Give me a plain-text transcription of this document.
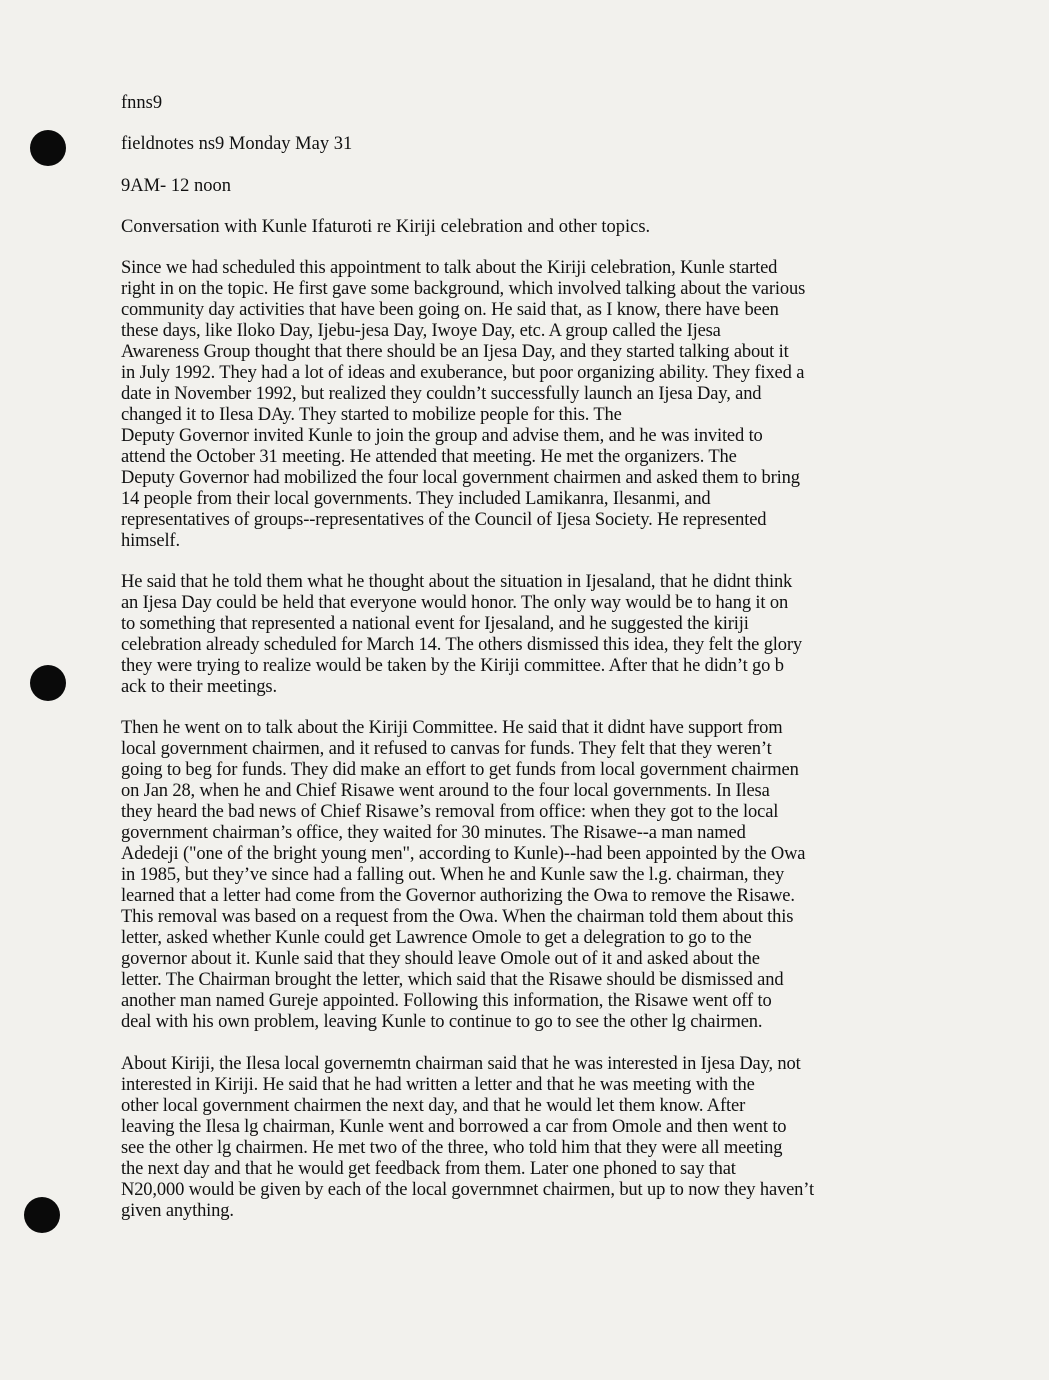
fnns9
fieldnotes ns9 Monday May 31
9AM- 12 noon
Conversation with Kunle Ifaturoti re Kiriji celebration and other topics.
Since we had scheduled this appointment to talk about the Kiriji celebration, Kunle started
right in on the topic. He first gave some background, which involved talking about the various
community day activities that have been going on. He said that, as I know, there have been
these days, like Iloko Day, Ijebu-jesa Day, Iwoye Day, etc. A group called the Ijesa
Awareness Group thought that there should be an Ijesa Day, and they started talking about it
in July 1992. They had a lot of ideas and exuberance, but poor organizing ability. They fixed a
date in November 1992, but realized they couldn’t successfully launch an Ijesa Day, and
changed it to Ilesa DAy. They started to mobilize people for this. The
Deputy Governor invited Kunle to join the group and advise them, and he was invited to
attend the October 31 meeting. He attended that meeting. He met the organizers. The
Deputy Governor had mobilized the four local government chairmen and asked them to bring
14 people from their local governments. They included Lamikanra, Ilesanmi, and
representatives of groups--representatives of the Council of Ijesa Society. He represented
himself.
He said that he told them what he thought about the situation in Ijesaland, that he didnt think
an Ijesa Day could be held that everyone would honor. The only way would be to hang it on
to something that represented a national event for Ijesaland, and he suggested the kiriji
celebration already scheduled for March 14. The others dismissed this idea, they felt the glory
they were trying to realize would be taken by the Kiriji committee. After that he didn’t go b
ack to their meetings.
Then he went on to talk about the Kiriji Committee. He said that it didnt have support from
local government chairmen, and it refused to canvas for funds. They felt that they weren’t
going to beg for funds. They did make an effort to get funds from local government chairmen
on Jan 28, when he and Chief Risawe went around to the four local governments. In Ilesa
they heard the bad news of Chief Risawe’s removal from office: when they got to the local
government chairman’s office, they waited for 30 minutes. The Risawe--a man named
Adedeji ("one of the bright young men", according to Kunle)--had been appointed by the Owa
in 1985, but they’ve since had a falling out. When he and Kunle saw the l.g. chairman, they
learned that a letter had come from the Governor authorizing the Owa to remove the Risawe.
This removal was based on a request from the Owa. When the chairman told them about this
letter, asked whether Kunle could get Lawrence Omole to get a delegration to go to the
governor about it. Kunle said that they should leave Omole out of it and asked about the
letter. The Chairman brought the letter, which said that the Risawe should be dismissed and
another man named Gureje appointed. Following this information, the Risawe went off to
deal with his own problem, leaving Kunle to continue to go to see the other lg chairmen.
About Kiriji, the Ilesa local governemtn chairman said that he was interested in Ijesa Day, not
interested in Kiriji. He said that he had written a letter and that he was meeting with the
other local government chairmen the next day, and that he would let them know. After
leaving the Ilesa lg chairman, Kunle went and borrowed a car from Omole and then went to
see the other lg chairmen. He met two of the three, who told him that they were all meeting
the next day and that he would get feedback from them. Later one phoned to say that
N20,000 would be given by each of the local governmnet chairmen, but up to now they haven’t
given anything.
